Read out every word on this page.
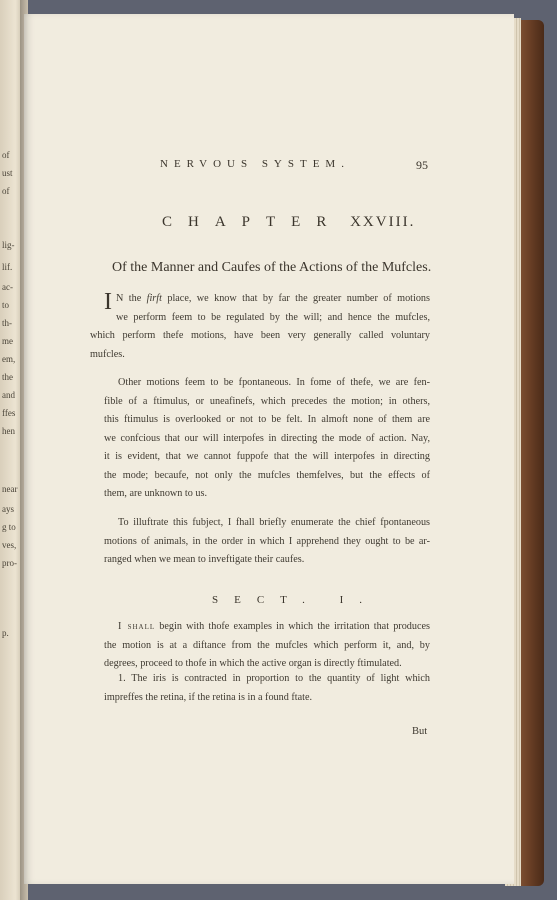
of
ust
of
lig-
lif.
ac-
to
th-
me
em,
the
and
ffes
hen
near
ays
g to
ves,
pro-
p.
NERVOUS SYSTEM.	95
CHAPTER XXVIII.
Of the Manner and Caufes of the Actions of the Mufcles.
I N the firft place, we know that by far the greater number of motions
we perform feem to be regulated by the will; and hence the mufcles,
which perform thefe motions, have been very generally called voluntary
mufcles.
Other motions feem to be fpontaneous. In fome of thefe, we are fen-
fible of a ftimulus, or uneafinefs, which precedes the motion; in others,
this ftimulus is overlooked or not to be felt. In almoft none of them are
we confcious that our will interpofes in directing the mode of action. Nay,
it is evident, that we cannot fuppofe that the will interpofes in directing
the mode; becaufe, not only the mufcles themfelves, but the effects of
them, are unknown to us.
To illuftrate this fubject, I fhall briefly enumerate the chief fpontaneous
motions of animals, in the order in which I apprehend they ought to be ar-
ranged when we mean to inveftigate their caufes.
SECT. I.
I shall begin with thofe examples in which the irritation that produces
the motion is at a diftance from the mufcles which perform it, and, by
degrees, proceed to thofe in which the active organ is directly ftimulated.
1. The iris is contracted in proportion to the quantity of light which
impreffes the retina, if the retina is in a found ftate.
But
